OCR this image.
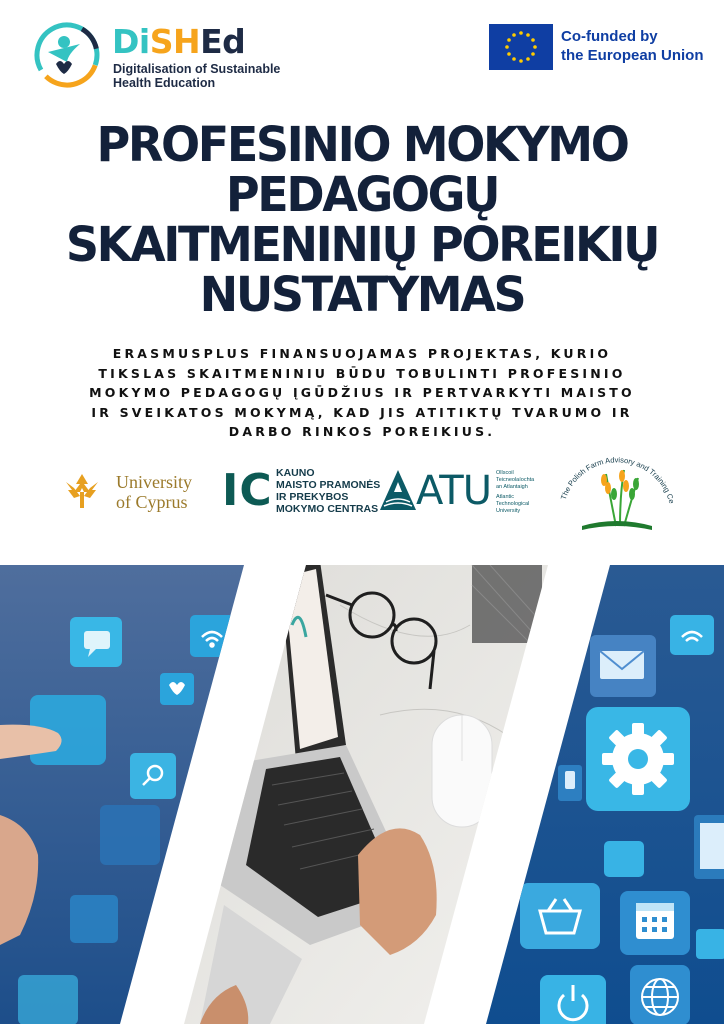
DiSHEd
Digitalisation of Sustainable
Health Education
Co-funded by
the European Union
PROFESINIO MOKYMO
PEDAGOGŲ
SKAITMENINIŲ POREIKIŲ
NUSTATYMAS
ERASMUSPLUS FINANSUOJAMAS PROJEKTAS, KURIO
TIKSLAS SKAITMENINIU BŪDU TOBULINTI PROFESINIO
MOKYMO PEDAGOGŲ ĮGŪDŽIUS IR PERTVARKYTI MAISTO
IR SVEIKATOS MOKYMĄ, KAD JIS ATITIKTŲ TVARUMO IR
DARBO RINKOS POREIKIUS.
University
of Cyprus IC KAUNO
MAISTO PRAMONĖS
IR PREKYBOS
MOKYMO CENTRAS ATU Ollscoil
Teicneolaíochta
an Atlantaigh
Atlantic
Technological
University
The Polish Farm Advisory and Training Ce
